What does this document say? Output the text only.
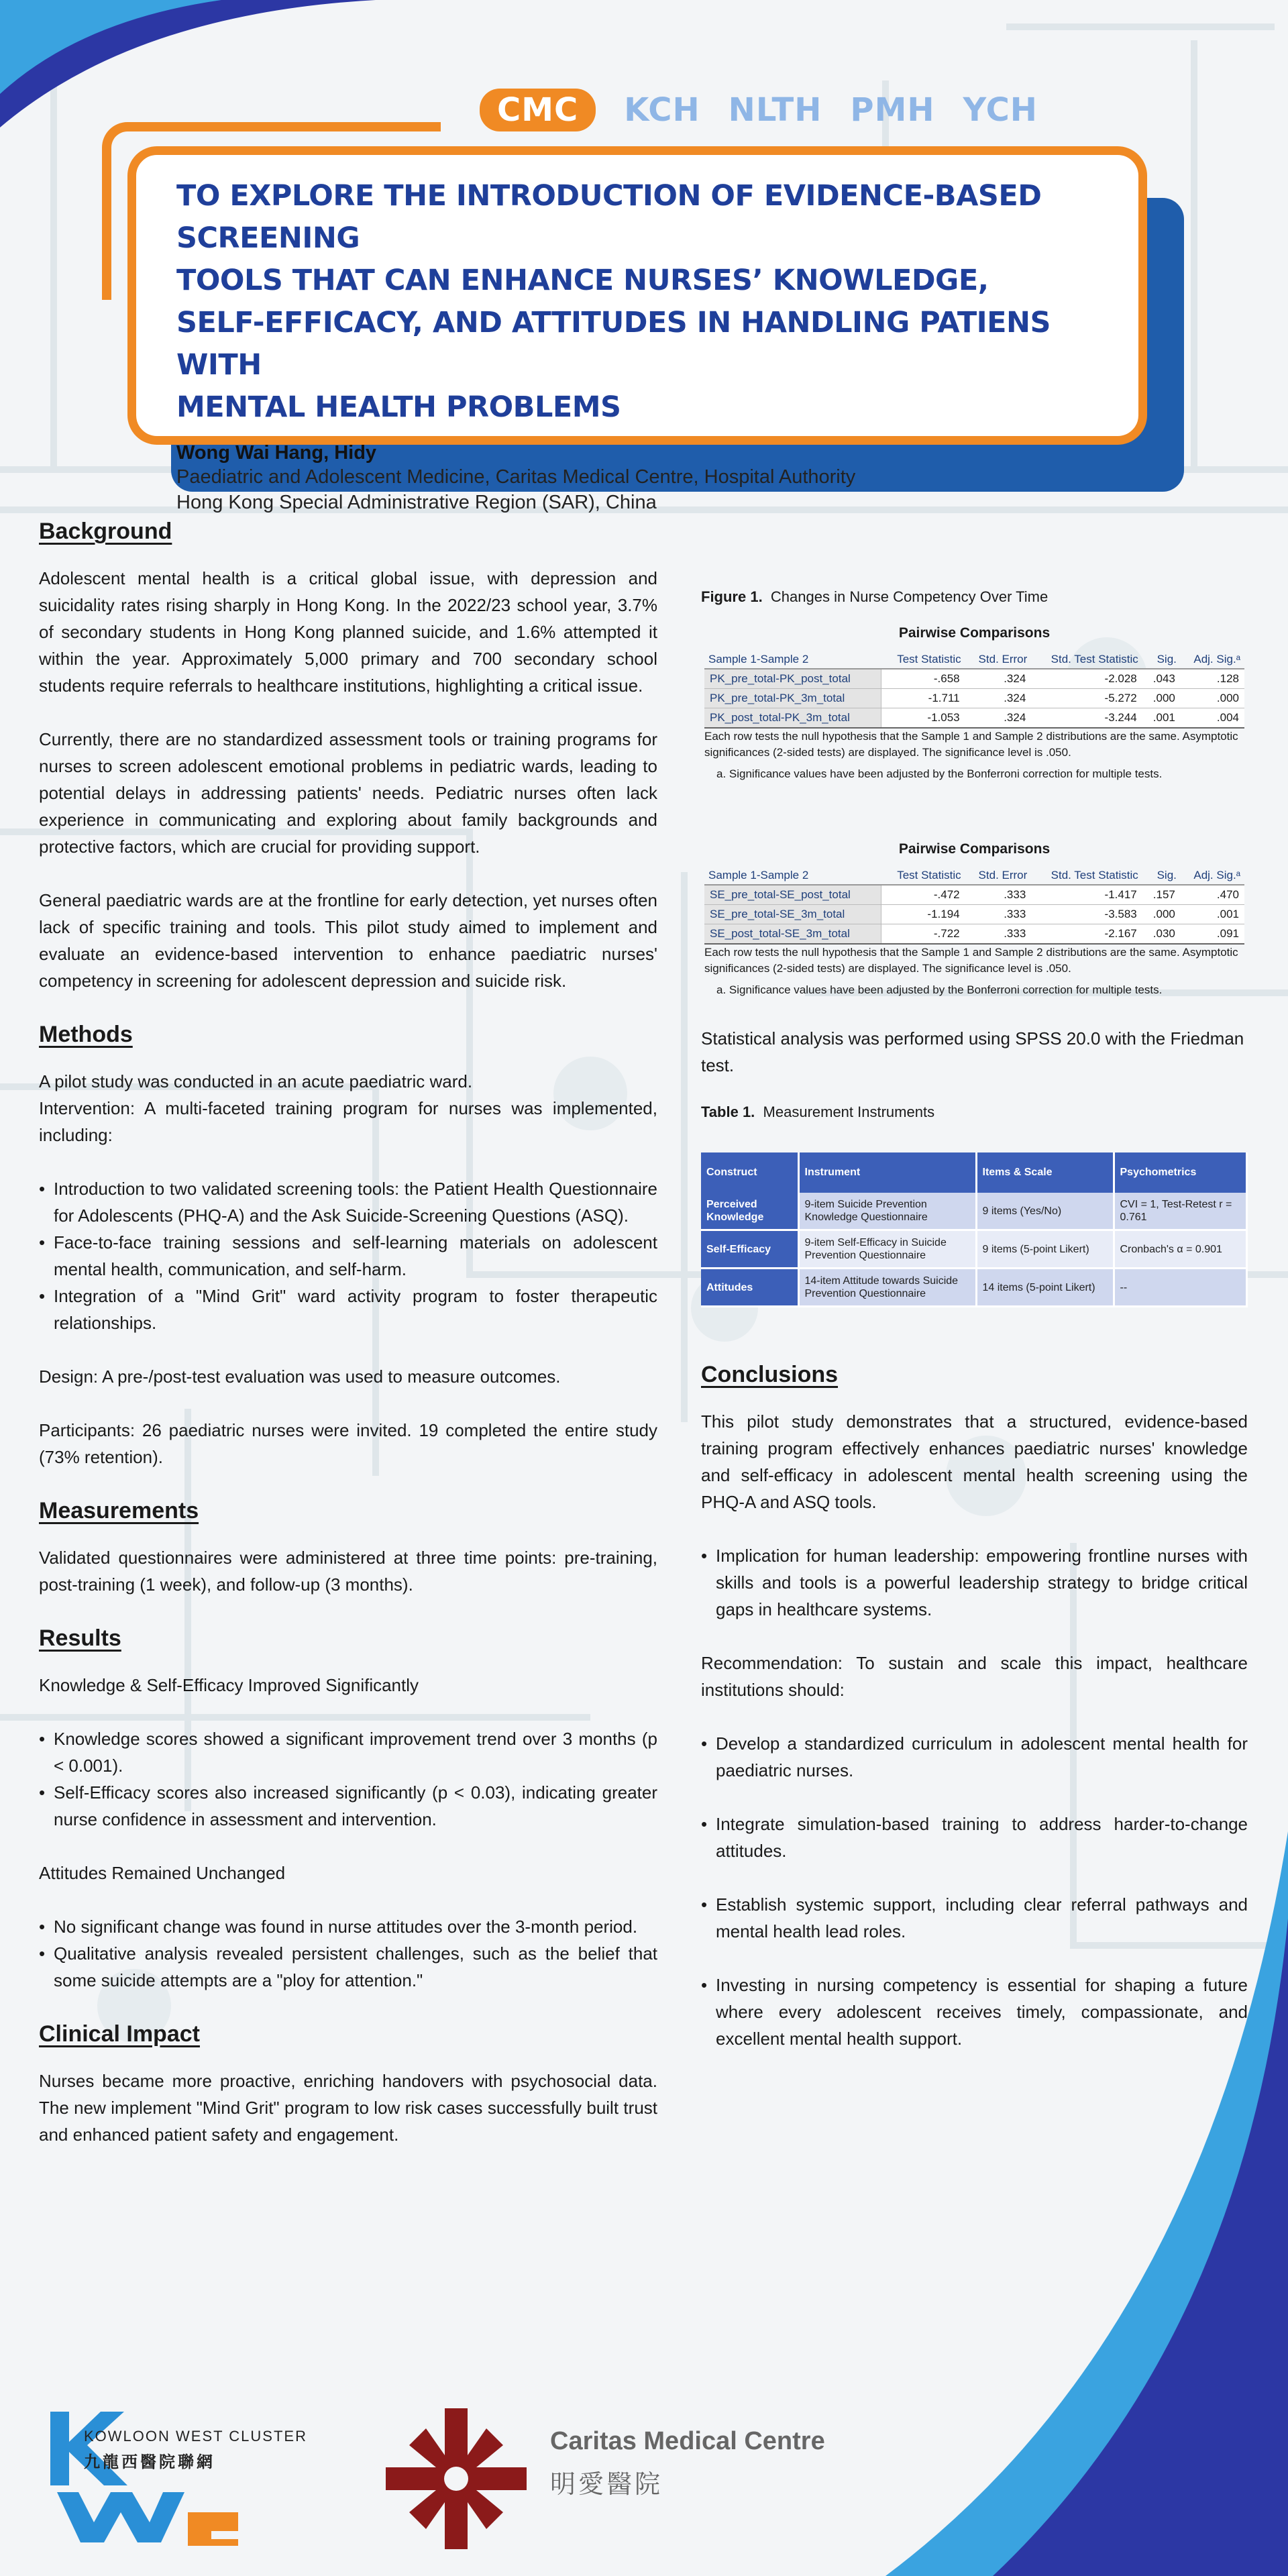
CMC	KCH NLTH PMH YCH
TO EXPLORE THE INTRODUCTION OF EVIDENCE-BASED SCREENING
TOOLS THAT CAN ENHANCE NURSES’ KNOWLEDGE,
SELF-EFFICACY, AND ATTITUDES IN HANDLING PATIENS WITH
MENTAL HEALTH PROBLEMS
Wong Wai Hang, Hidy
Paediatric and Adolescent Medicine, Caritas Medical Centre, Hospital Authority
Hong Kong Special Administrative Region (SAR), China
Background
Adolescent mental health is a critical global issue, with depression and suicidality rates rising sharply in Hong Kong. In the 2022/23 school year, 3.7% of secondary students in Hong Kong planned suicide, and 1.6% attempted it within the year. Approximately 5,000 primary and 700 secondary school students require referrals to healthcare institutions, highlighting a critical issue.
Currently, there are no standardized assessment tools or training programs for nurses to screen adolescent emotional problems in pediatric wards, leading to potential delays in addressing patients' needs. Pediatric nurses often lack experience in communicating and exploring about family backgrounds and protective factors, which are crucial for providing support.
General paediatric wards are at the frontline for early detection, yet nurses often lack of specific training and tools. This pilot study aimed to implement and evaluate an evidence-based intervention to enhance paediatric nurses' competency in screening for adolescent depression and suicide risk.
Methods
A pilot study was conducted in an acute paediatric ward.
Intervention: A multi-faceted training program for nurses was implemented, including:
• Introduction to two validated screening tools: the Patient Health Questionnaire for Adolescents (PHQ-A) and the Ask Suicide-Screening Questions (ASQ).
• Face-to-face training sessions and self-learning materials on adolescent mental health, communication, and self-harm.
• Integration of a "Mind Grit" ward activity program to foster therapeutic relationships.
Design: A pre-/post-test evaluation was used to measure outcomes.
Participants: 26 paediatric nurses were invited. 19 completed the entire study (73% retention).
Measurements
Validated questionnaires were administered at three time points: pre-training, post-training (1 week), and follow-up (3 months).
Results
Knowledge & Self-Efficacy Improved Significantly
• Knowledge scores showed a significant improvement trend over 3 months (p < 0.001).
• Self-Efficacy scores also increased significantly (p < 0.03), indicating greater nurse confidence in assessment and intervention.
Attitudes Remained Unchanged
• No significant change was found in nurse attitudes over the 3-month period.
• Qualitative analysis revealed persistent challenges, such as the belief that some suicide attempts are a "ploy for attention."
Clinical Impact
Nurses became more proactive, enriching handovers with psychosocial data. The new implement "Mind Grit" program to low risk cases successfully built trust and enhanced patient safety and engagement.
Figure 1. Changes in Nurse Competency Over Time
Pairwise Comparisons
Sample 1-Sample 2	Test Statistic	Std. Error	Std. Test Statistic	Sig.	Adj. Sig.ᵃ
PK_pre_total-PK_post_total	-.658	.324	-2.028	.043	.128
PK_pre_total-PK_3m_total	-1.711	.324	-5.272	.000	.000
PK_post_total-PK_3m_total	-1.053	.324	-3.244	.001	.004
Each row tests the null hypothesis that the Sample 1 and Sample 2 distributions are the same. Asymptotic significances (2-sided tests) are displayed. The significance level is .050.
a. Significance values have been adjusted by the Bonferroni correction for multiple tests.
Pairwise Comparisons
Sample 1-Sample 2	Test Statistic	Std. Error	Std. Test Statistic	Sig.	Adj. Sig.ᵃ
SE_pre_total-SE_post_total	-.472	.333	-1.417	.157	.470
SE_pre_total-SE_3m_total	-1.194	.333	-3.583	.000	.001
SE_post_total-SE_3m_total	-.722	.333	-2.167	.030	.091
Each row tests the null hypothesis that the Sample 1 and Sample 2 distributions are the same. Asymptotic significances (2-sided tests) are displayed. The significance level is .050.
a. Significance values have been adjusted by the Bonferroni correction for multiple tests.
Statistical analysis was performed using SPSS 20.0 with the Friedman test.
Table 1. Measurement Instruments
Construct	Instrument	Items & Scale	Psychometrics
Perceived Knowledge	9-item Suicide Prevention Knowledge Questionnaire	9 items (Yes/No)	CVI = 1, Test-Retest r = 0.761
Self-Efficacy	9-item Self-Efficacy in Suicide Prevention Questionnaire	9 items (5-point Likert)	Cronbach's α = 0.901
Attitudes	14-item Attitude towards Suicide Prevention Questionnaire	14 items (5-point Likert)	--
Conclusions
This pilot study demonstrates that a structured, evidence-based training program effectively enhances paediatric nurses' knowledge and self-efficacy in adolescent mental health screening using the PHQ-A and ASQ tools.
• Implication for human leadership: empowering frontline nurses with skills and tools is a powerful leadership strategy to bridge critical gaps in healthcare systems.
Recommendation: To sustain and scale this impact, healthcare institutions should:
• Develop a standardized curriculum in adolescent mental health for paediatric nurses.
• Integrate simulation-based training to address harder-to-change attitudes.
• Establish systemic support, including clear referral pathways and mental health lead roles.
• Investing in nursing competency is essential for shaping a future where every adolescent receives timely, compassionate, and excellent mental health support.
KOWLOON WEST CLUSTER
九龍西醫院聯網
Caritas Medical Centre
明愛醫院
